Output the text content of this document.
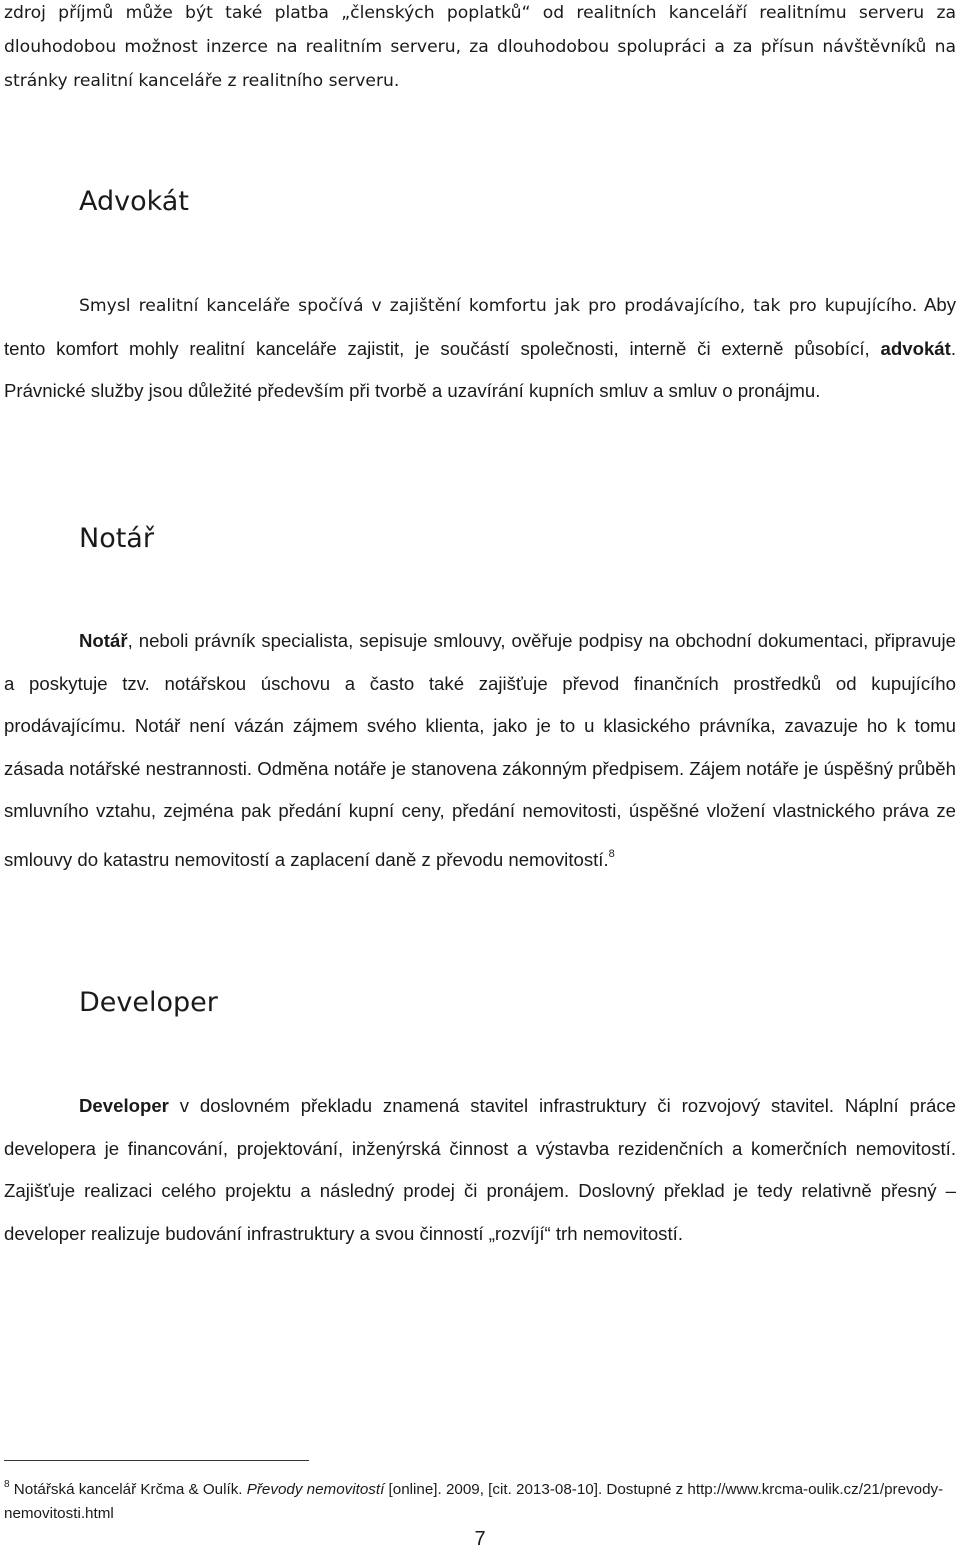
zdroj příjmů může být také platba „členských poplatků“ od realitních kanceláří realitnímu serveru za dlouhodobou možnost inzerce na realitním serveru, za dlouhodobou spolupráci a za přísun návštěvníků na stránky realitní kanceláře z realitního serveru.

Advokát

Smysl realitní kanceláře spočívá v zajištění komfortu jak pro prodávajícího, tak pro kupujícího. Aby tento komfort mohly realitní kanceláře zajistit, je součástí společnosti, interně či externě působící, advokát. Právnické služby jsou důležité především při tvorbě a uzavírání kupních smluv a smluv o pronájmu.

Notář

Notář, neboli právník specialista, sepisuje smlouvy, ověřuje podpisy na obchodní dokumentaci, připravuje a poskytuje tzv. notářskou úschovu a často také zajišťuje převod finančních prostředků od kupujícího prodávajícímu. Notář není vázán zájmem svého klienta, jako je to u klasického právníka, zavazuje ho k tomu zásada notářské nestrannosti. Odměna notáře je stanovena zákonným předpisem. Zájem notáře je úspěšný průběh smluvního vztahu, zejména pak předání kupní ceny, předání nemovitosti, úspěšné vložení vlastnického práva ze smlouvy do katastru nemovitostí a zaplacení daně z převodu nemovitostí.$^8$

Developer

Developer v doslovném překladu znamená stavitel infrastruktury či rozvojový stavitel. Náplní práce developera je financování, projektování, inženýrská činnost a výstavba rezidenčních a komerčních nemovitostí. Zajišťuje realizaci celého projektu a následný prodej či pronájem. Doslovný překlad je tedy relativně přesný – developer realizuje budování infrastruktury a svou činností „rozvíjí“ trh nemovitostí.

$^8$ Notářská kancelář Krčma & Oulík. Převody nemovitostí [online]. 2009, [cit. 2013-08-10]. Dostupné z http://www.krcma-oulik.cz/21/prevody-nemovitosti.html

7
